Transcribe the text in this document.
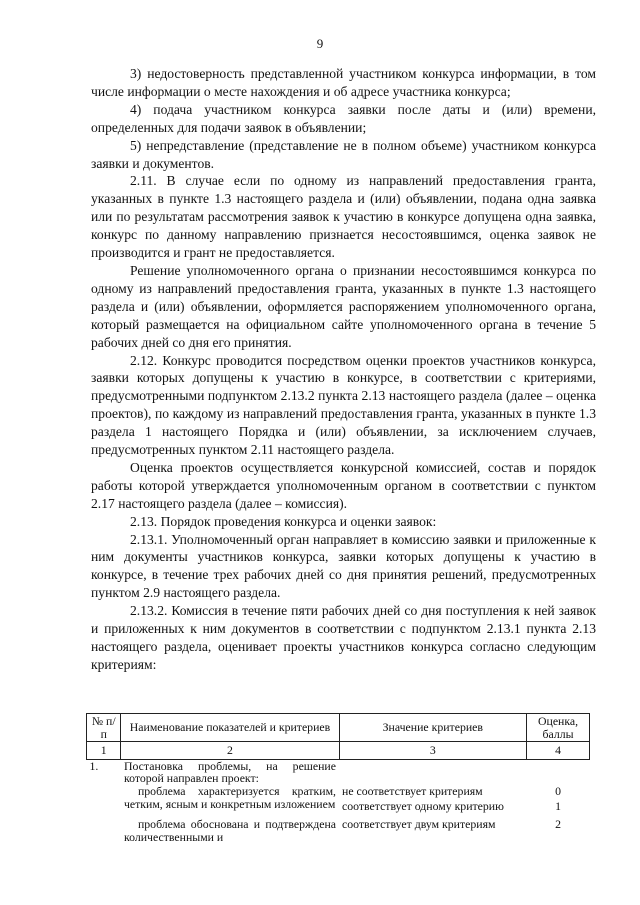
9

3) недостоверность представленной участником конкурса информации, в том числе информации о месте нахождения и об адресе участника конкурса;

4) подача участником конкурса заявки после даты и (или) времени, определенных для подачи заявок в объявлении;

5) непредставление (представление не в полном объеме) участником конкурса заявки и документов.

2.11. В случае если по одному из направлений предоставления гранта, указанных в пункте 1.3 настоящего раздела и (или) объявлении, подана одна заявка или по результатам рассмотрения заявок к участию в конкурсе допущена одна заявка, конкурс по данному направлению признается несостоявшимся, оценка заявок не производится и грант не предоставляется.

Решение уполномоченного органа о признании несостоявшимся конкурса по одному из направлений предоставления гранта, указанных в пункте 1.3 настоящего раздела и (или) объявлении, оформляется распоряжением уполномоченного органа, который размещается на официальном сайте уполномоченного органа в течение 5 рабочих дней со дня его принятия.

2.12. Конкурс проводится посредством оценки проектов участников конкурса, заявки которых допущены к участию в конкурсе, в соответствии с критериями, предусмотренными подпунктом 2.13.2 пункта 2.13 настоящего раздела (далее – оценка проектов), по каждому из направлений предоставления гранта, указанных в пункте 1.3 раздела 1 настоящего Порядка и (или) объявлении, за исключением случаев, предусмотренных пунктом 2.11 настоящего раздела.

Оценка проектов осуществляется конкурсной комиссией, состав и порядок работы которой утверждается уполномоченным органом в соответствии с пунктом 2.17 настоящего раздела (далее – комиссия).

2.13. Порядок проведения конкурса и оценки заявок:

2.13.1. Уполномоченный орган направляет в комиссию заявки и приложенные к ним документы участников конкурса, заявки которых допущены к участию в конкурсе, в течение трех рабочих дней со дня принятия решений, предусмотренных пунктом 2.9 настоящего раздела.

2.13.2. Комиссия в течение пяти рабочих дней со дня поступления к ней заявок и приложенных к ним документов в соответствии с подпунктом 2.13.1 пункта 2.13 настоящего раздела, оценивает проекты участников конкурса согласно следующим критериям:

№ п/п	Наименование показателей и критериев	Значение критериев	Оценка, баллы
1	2	3	4
1.	Постановка проблемы, на решение которой направлен проект:		

	проблема характеризуется кратким, четким, ясным и конкретным изложением	не соответствует критериям	0
		соответствует одному критерию	1

	проблема обоснована и подтверждена количественными и	соответствует двум критериям	2
